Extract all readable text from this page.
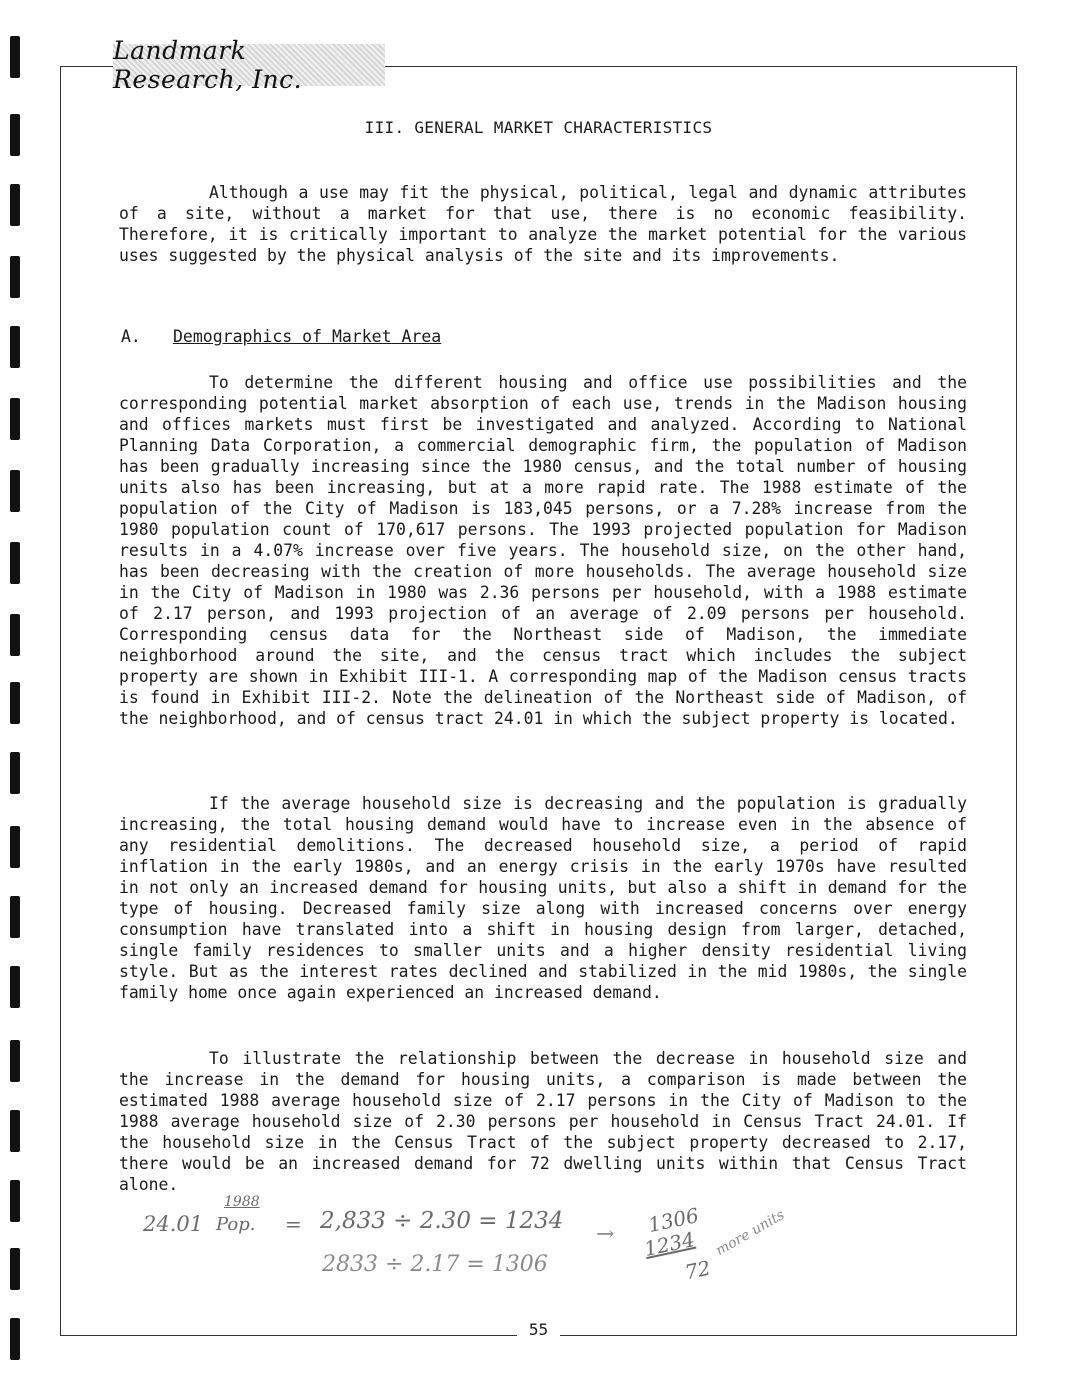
Landmark Research, Inc.
III. GENERAL MARKET CHARACTERISTICS

Although a use may fit the physical, political, legal and dynamic attributes of a site, without a market for that use, there is no economic feasibility. Therefore, it is critically important to analyze the market potential for the various uses suggested by the physical analysis of the site and its improvements.

A. Demographics of Market Area

To determine the different housing and office use possibilities and the corresponding potential market absorption of each use, trends in the Madison housing and offices markets must first be investigated and analyzed. According to National Planning Data Corporation, a commercial demographic firm, the population of Madison has been gradually increasing since the 1980 census, and the total number of housing units also has been increasing, but at a more rapid rate. The 1988 estimate of the population of the City of Madison is 183,045 persons, or a 7.28% increase from the 1980 population count of 170,617 persons. The 1993 projected population for Madison results in a 4.07% increase over five years. The household size, on the other hand, has been decreasing with the creation of more households. The average household size in the City of Madison in 1980 was 2.36 persons per household, with a 1988 estimate of 2.17 person, and 1993 projection of an average of 2.09 persons per household. Corresponding census data for the Northeast side of Madison, the immediate neighborhood around the site, and the census tract which includes the subject property are shown in Exhibit III-1. A corresponding map of the Madison census tracts is found in Exhibit III-2. Note the delineation of the Northeast side of Madison, of the neighborhood, and of census tract 24.01 in which the subject property is located.

If the average household size is decreasing and the population is gradually increasing, the total housing demand would have to increase even in the absence of any residential demolitions. The decreased household size, a period of rapid inflation in the early 1980s, and an energy crisis in the early 1970s have resulted in not only an increased demand for housing units, but also a shift in demand for the type of housing. Decreased family size along with increased concerns over energy consumption have translated into a shift in housing design from larger, detached, single family residences to smaller units and a higher density residential living style. But as the interest rates declined and stabilized in the mid 1980s, the single family home once again experienced an increased demand.

To illustrate the relationship between the decrease in household size and the increase in the demand for housing units, a comparison is made between the estimated 1988 average household size of 2.17 persons in the City of Madison to the 1988 average household size of 2.30 persons per household in Census Tract 24.01. If the household size in the Census Tract of the subject property decreased to 2.17, there would be an increased demand for 72 dwelling units within that Census Tract alone.

24.01
1988
Pop. = 2,833 ÷ 2.30 = 1234
2833 ÷ 2.17 = 1306
→ 1306
1234
72
more units
55
